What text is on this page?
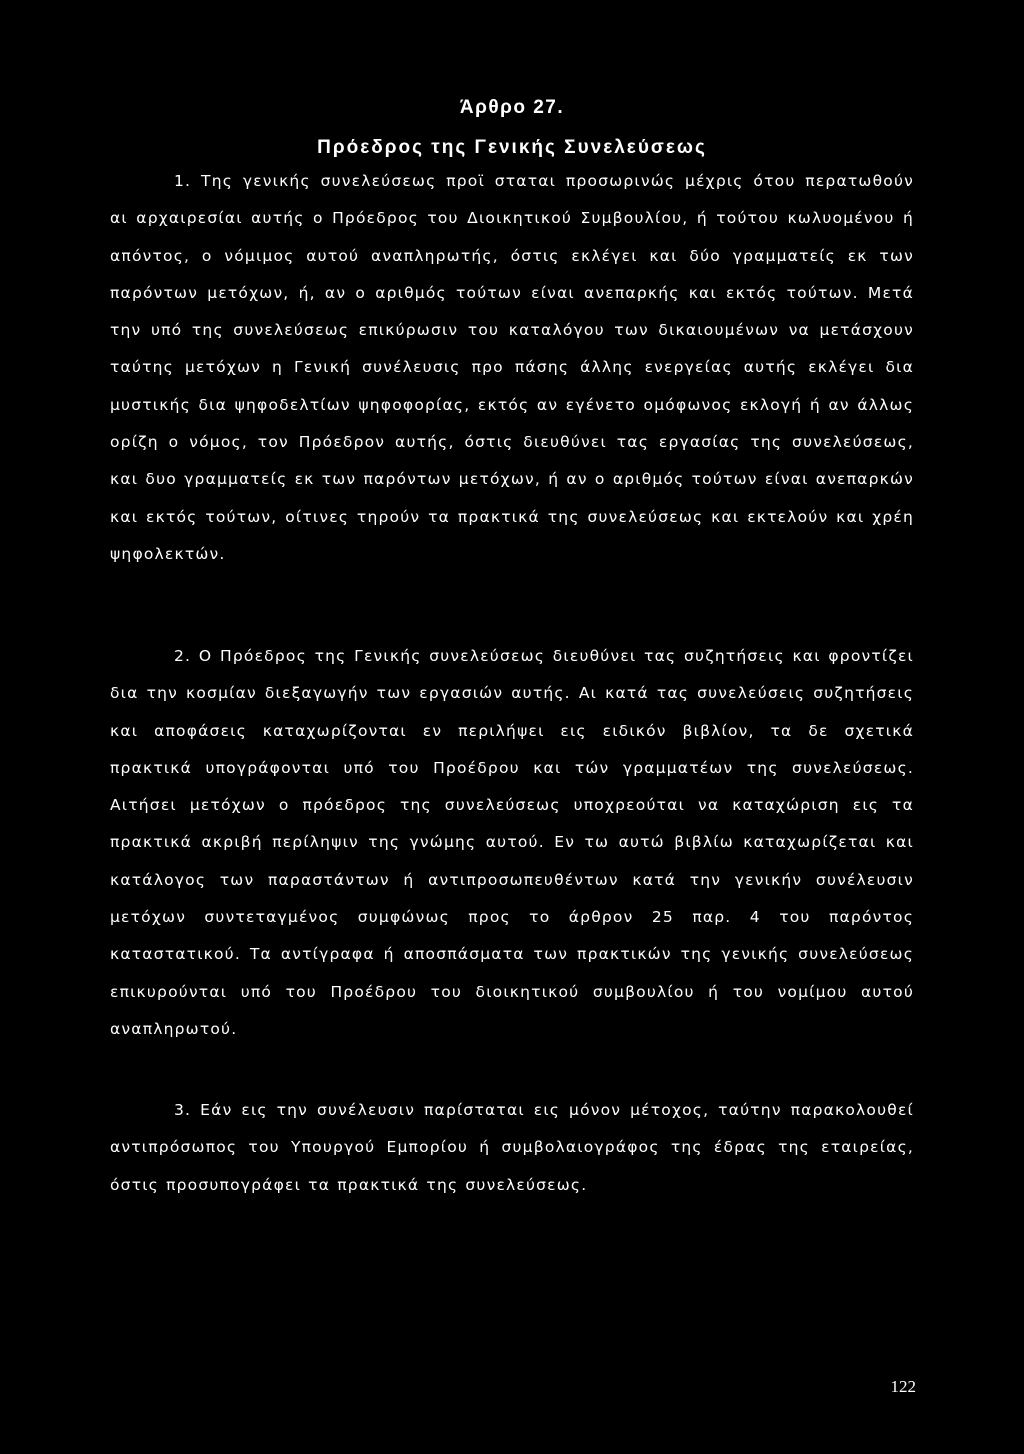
Άρθρο 27.
Πρόεδρος της Γενικής Συνελεύσεως

1. Της γενικής συνελεύσεως προϊ σταται προσωρινώς μέχρις ότου περατωθούν αι αρχαιρεσίαι αυτής ο Πρόεδρος του Διοικητικού Συμβουλίου, ή τούτου κωλυομένου ή απόντος, ο νόμιμος αυτού αναπληρωτής, όστις εκλέγει και δύο γραμματείς εκ των παρόντων μετόχων, ή, αν ο αριθμός τούτων είναι ανεπαρκής και εκτός τούτων. Μετά την υπό της συνελεύσεως επικύρωσιν του καταλόγου των δικαιουμένων να μετάσχουν ταύτης μετόχων η Γενική συνέλευσις προ πάσης άλλης ενεργείας αυτής εκλέγει δια μυστικής δια ψηφοδελτίων ψηφοφορίας, εκτός αν εγένετο ομόφωνος εκλογή ή αν άλλως ορίζη ο νόμος, τον Πρόεδρον αυτής, όστις διευθύνει τας εργασίας της συνελεύσεως, και δυο γραμματείς εκ των παρόντων μετόχων, ή αν ο αριθμός τούτων είναι ανεπαρκών και εκτός τούτων, οίτινες τηρούν τα πρακτικά της συνελεύσεως και εκτελούν και χρέη ψηφολεκτών.

2. Ο Πρόεδρος της Γενικής συνελεύσεως διευθύνει τας συζητήσεις και φροντίζει δια την κοσμίαν διεξαγωγήν των εργασιών αυτής. Αι κατά τας συνελεύσεις συζητήσεις και αποφάσεις καταχωρίζονται εν περιλήψει εις ειδικόν βιβλίον, τα δε σχετικά πρακτικά υπογράφονται υπό του Προέδρου και τών γραμματέων της συνελεύσεως. Αιτήσει μετόχων ο πρόεδρος της συνελεύσεως υποχρεούται να καταχώριση εις τα πρακτικά ακριβή περίληψιν της γνώμης αυτού. Εν τω αυτώ βιβλίω καταχωρίζεται και κατάλογος των παραστάντων ή αντιπροσωπευθέντων κατά την γενικήν συνέλευσιν μετόχων συντεταγμένος συμφώνως προς το άρθρον 25 παρ. 4 του παρόντος καταστατικού. Τα αντίγραφα ή αποσπάσματα των πρακτικών της γενικής συνελεύσεως επικυρούνται υπό του Προέδρου του διοικητικού συμβουλίου ή του νομίμου αυτού αναπληρωτού.

3. Εάν εις την συνέλευσιν παρίσταται εις μόνον μέτοχος, ταύτην παρακολουθεί αντιπρόσωπος του Υπουργού Εμπορίου ή συμβολαιογράφος της έδρας της εταιρείας, όστις προσυπογράφει τα πρακτικά της συνελεύσεως.

122
